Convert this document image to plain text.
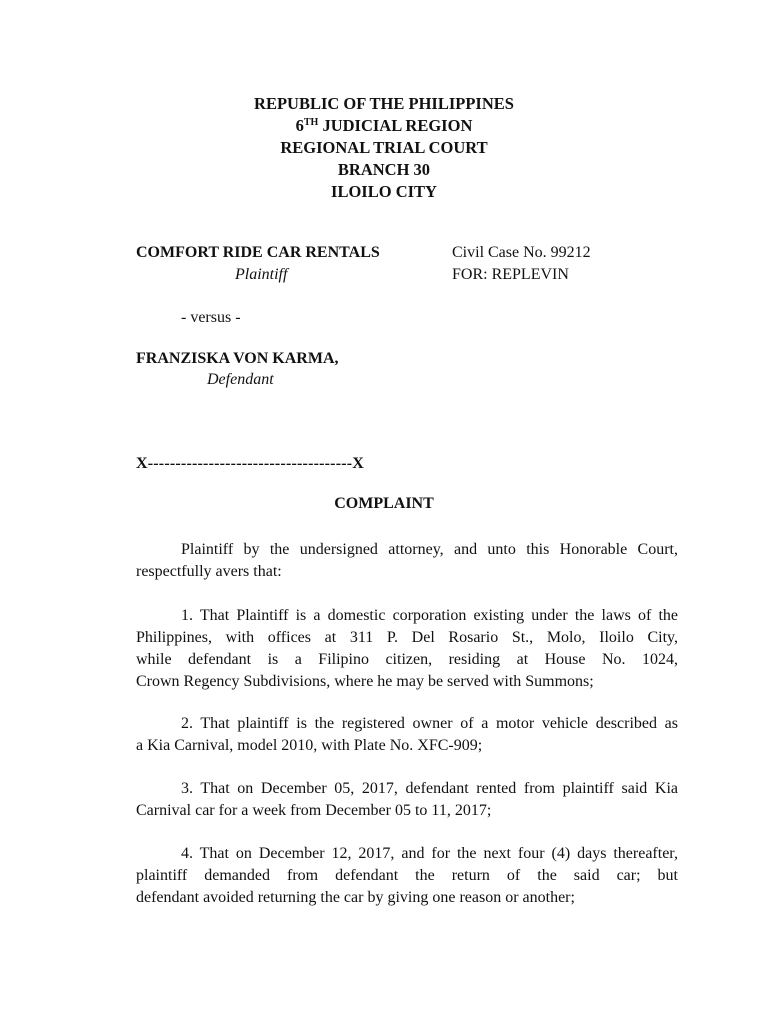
REPUBLIC OF THE PHILIPPINES
6TH JUDICIAL REGION
REGIONAL TRIAL COURT
BRANCH 30
ILOILO CITY
COMFORT RIDE CAR RENTALS
Plaintiff
Civil Case No. 99212
FOR: REPLEVIN
- versus -
FRANZISKA VON KARMA,
Defendant
X-------------------------------------X
COMPLAINT
Plaintiff by the undersigned attorney, and unto this Honorable Court,
respectfully avers that:
1. That Plaintiff is a domestic corporation existing under the laws of the
Philippines, with offices at 311 P. Del Rosario St., Molo, Iloilo City,
while defendant is a Filipino citizen, residing at House No. 1024,
Crown Regency Subdivisions, where he may be served with Summons;
2. That plaintiff is the registered owner of a motor vehicle described as
a Kia Carnival, model 2010, with Plate No. XFC-909;
3. That on December 05, 2017, defendant rented from plaintiff said Kia
Carnival car for a week from December 05 to 11, 2017;
4. That on December 12, 2017, and for the next four (4) days thereafter,
plaintiff demanded from defendant the return of the said car; but
defendant avoided returning the car by giving one reason or another;
